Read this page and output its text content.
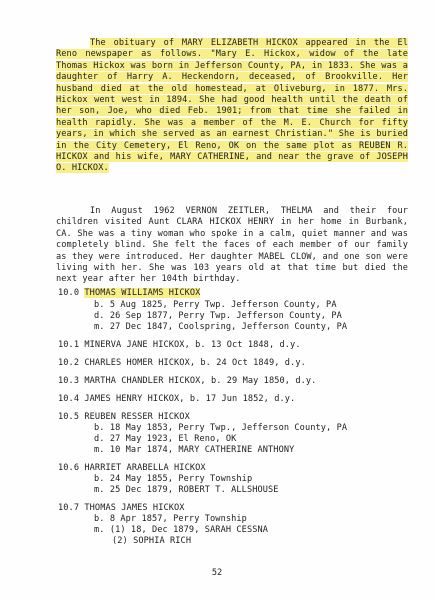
The obituary of MARY ELIZABETH HICKOX appeared in the El Reno newspaper as follows. "Mary E. Hickox, widow of the late Thomas Hickox was born in Jefferson County, PA, in 1833. She was a daughter of Harry A. Heckendorn, deceased, of Brookville. Her husband died at the old homestead, at Oliveburg, in 1877. Mrs. Hickox went west in 1894. She had good health until the death of her son, Joe, who died Feb. 1901; from that time she failed in health rapidly. She was a member of the M. E. Church for fifty years, in which she served as an earnest Christian." She is buried in the City Cemetery, El Reno, OK on the same plot as REUBEN R. HICKOX and his wife, MARY CATHERINE, and near the grave of JOSEPH O. HICKOX.

In August 1962 VERNON ZEITLER, THELMA and their four children visited Aunt CLARA HICKOX HENRY in her home in Burbank, CA. She was a tiny woman who spoke in a calm, quiet manner and was completely blind. She felt the faces of each member of our family as they were introduced. Her daughter MABEL CLOW, and one son were living with her. She was 103 years old at that time but died the next year after her 104th birthday.

10.0 THOMAS WILLIAMS HICKOX
b. 5 Aug 1825, Perry Twp. Jefferson County, PA
d. 26 Sep 1877, Perry Twp. Jefferson County, PA
m. 27 Dec 1847, Coolspring, Jefferson County, PA
10.1 MINERVA JANE HICKOX, b. 13 Oct 1848, d.y.
10.2 CHARLES HOMER HICKOX, b. 24 Oct 1849, d.y.
10.3 MARTHA CHANDLER HICKOX, b. 29 May 1850, d.y.
10.4 JAMES HENRY HICKOX, b. 17 Jun 1852, d.y.
10.5 REUBEN RESSER HICKOX
b. 18 May 1853, Perry Twp., Jefferson County, PA
d. 27 May 1923, El Reno, OK
m. 10 Mar 1874, MARY CATHERINE ANTHONY
10.6 HARRIET ARABELLA HICKOX
b. 24 May 1855, Perry Township
m. 25 Dec 1879, ROBERT T. ALLSHOUSE
10.7 THOMAS JAMES HICKOX
b. 8 Apr 1857, Perry Township
m. (1) 18, Dec 1879, SARAH CESSNA
(2) SOPHIA RICH
52
